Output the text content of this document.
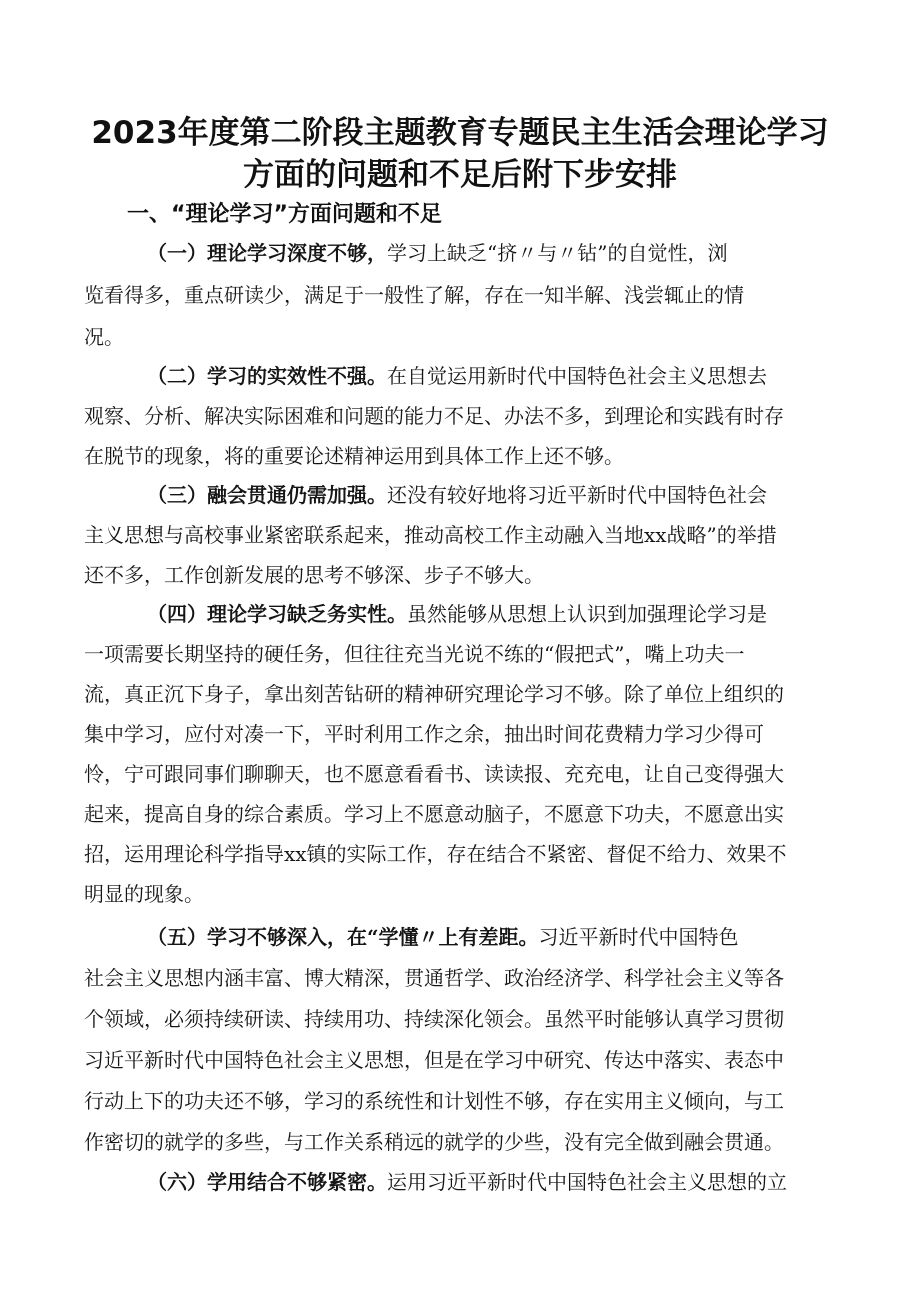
2023年度第二阶段主题教育专题民主生活会理论学习
方面的问题和不足后附下步安排
一、“理论学习”方面问题和不足
（一）理论学习深度不够，学习上缺乏“挤〃与〃钻”的自觉性，浏
览看得多，重点研读少，满足于一般性了解，存在一知半解、浅尝辄止的情
况。
（二）学习的实效性不强。在自觉运用新时代中国特色社会主义思想去
观察、分析、解决实际困难和问题的能力不足、办法不多，到理论和实践有时存
在脱节的现象，将的重要论述精神运用到具体工作上还不够。
（三）融会贯通仍需加强。还没有较好地将习近平新时代中国特色社会
主义思想与高校事业紧密联系起来，推动高校工作主动融入当地xx战略”的举措
还不多，工作创新发展的思考不够深、步子不够大。
（四）理论学习缺乏务实性。虽然能够从思想上认识到加强理论学习是
一项需要长期坚持的硬任务，但往往充当光说不练的“假把式”，嘴上功夫一
流，真正沉下身子，拿出刻苦钻研的精神研究理论学习不够。除了单位上组织的
集中学习，应付对凑一下，平时利用工作之余，抽出时间花费精力学习少得可
怜，宁可跟同事们聊聊天，也不愿意看看书、读读报、充充电，让自己变得强大
起来，提高自身的综合素质。学习上不愿意动脑子，不愿意下功夫，不愿意出实
招，运用理论科学指导xx镇的实际工作，存在结合不紧密、督促不给力、效果不
明显的现象。
（五）学习不够深入，在“学懂〃上有差距。习近平新时代中国特色
社会主义思想内涵丰富、博大精深，贯通哲学、政治经济学、科学社会主义等各
个领域，必须持续研读、持续用功、持续深化领会。虽然平时能够认真学习贯彻
习近平新时代中国特色社会主义思想，但是在学习中研究、传达中落实、表态中
行动上下的功夫还不够，学习的系统性和计划性不够，存在实用主义倾向，与工
作密切的就学的多些，与工作关系稍远的就学的少些，没有完全做到融会贯通。
（六）学用结合不够紧密。运用习近平新时代中国特色社会主义思想的立
